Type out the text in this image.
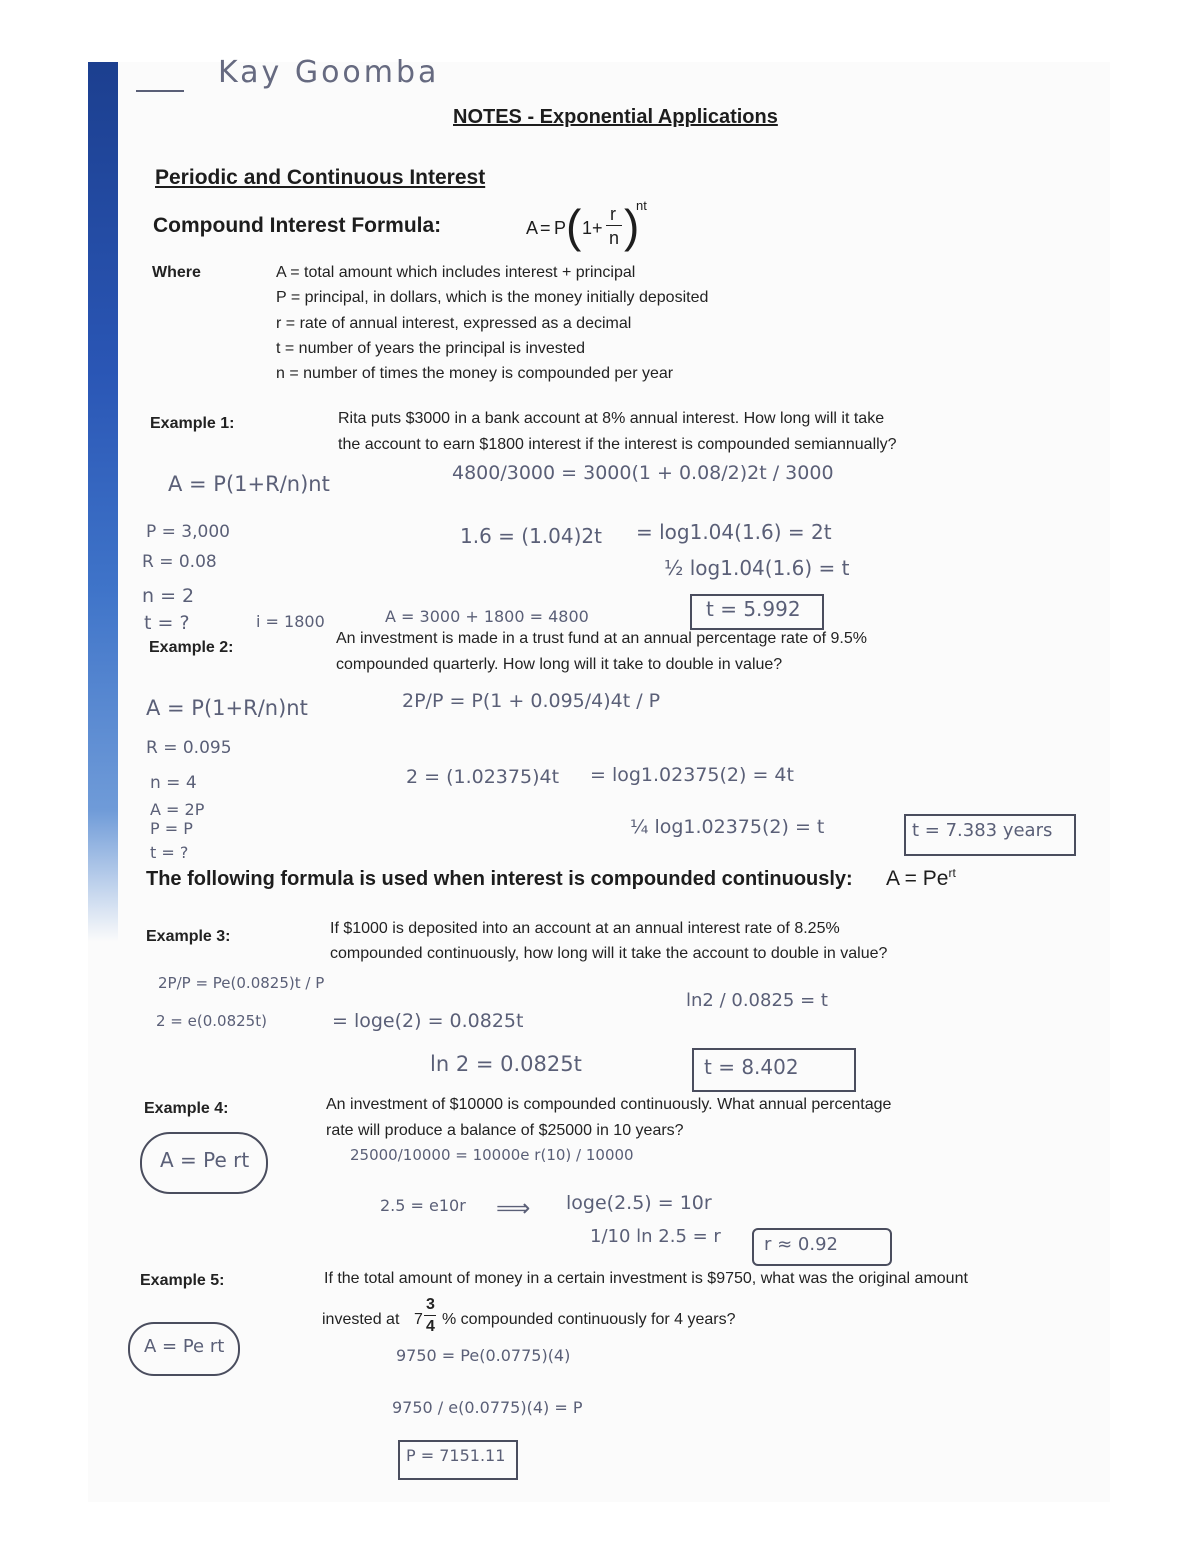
Kay Goomba
NOTES - Exponential Applications
Periodic and Continuous Interest
Compound Interest Formula:	A = P ( 1+
r
n )
nt
Where	A = total amount which includes interest + principal
P = principal, in dollars, which is the money initially deposited
r = rate of annual interest, expressed as a decimal
t = number of years the principal is invested
n = number of times the money is compounded per year
Example 1:	Rita puts $3000 in a bank account at 8% annual interest. How long will it take
the account to earn $1800 interest if the interest is compounded semiannually?
A = P(1+R/n)nt
P = 3,000
R = 0.08
n = 2
t = ?	i = 1800
4800/3000 = 3000(1 + 0.08/2)2t / 3000
1.6 = (1.04)2t = log1.04(1.6) = 2t
½ log1.04(1.6) = t
A = 3000 + 1800 = 4800	t = 5.992
Example 2:
An investment is made in a trust fund at an annual percentage rate of 9.5%
compounded quarterly. How long will it take to double in value?
A = P(1+R/n)nt
R = 0.095
n = 4
A = 2P
P = P
t = ?
2P/P = P(1 + 0.095/4)4t / P
2 = (1.02375)4t = log1.02375(2) = 4t
¼ log1.02375(2) = t	t = 7.383 years
The following formula is used when interest is compounded continuously: $A = Pe^{rt}$
Example 3:	If $1000 is deposited into an account at an annual interest rate of 8.25%
compounded continuously, how long will it take the account to double in value?
2P/P = Pe(0.0825)t / P
2 = e(0.0825t)	= loge(2) = 0.0825t
ln 2 = 0.0825t
ln2 / 0.0825 = t
t = 8.402
Example 4:	An investment of $10000 is compounded continuously. What annual percentage
rate will produce a balance of $25000 in 10 years?
A = Pe rt	25000/10000 = 10000e r(10) / 10000
2.5 = e10r ⟹ loge(2.5) = 10r
1/10 ln 2.5 = r r ≈ 0.92
Example 5:	If the total amount of money in a certain investment is $9750, what was the original amount
invested at 7
3
4 % compounded continuously for 4 years?
A = Pe rt	9750 = Pe(0.0775)(4)
9750 / e(0.0775)(4) = P
P = 7151.11
